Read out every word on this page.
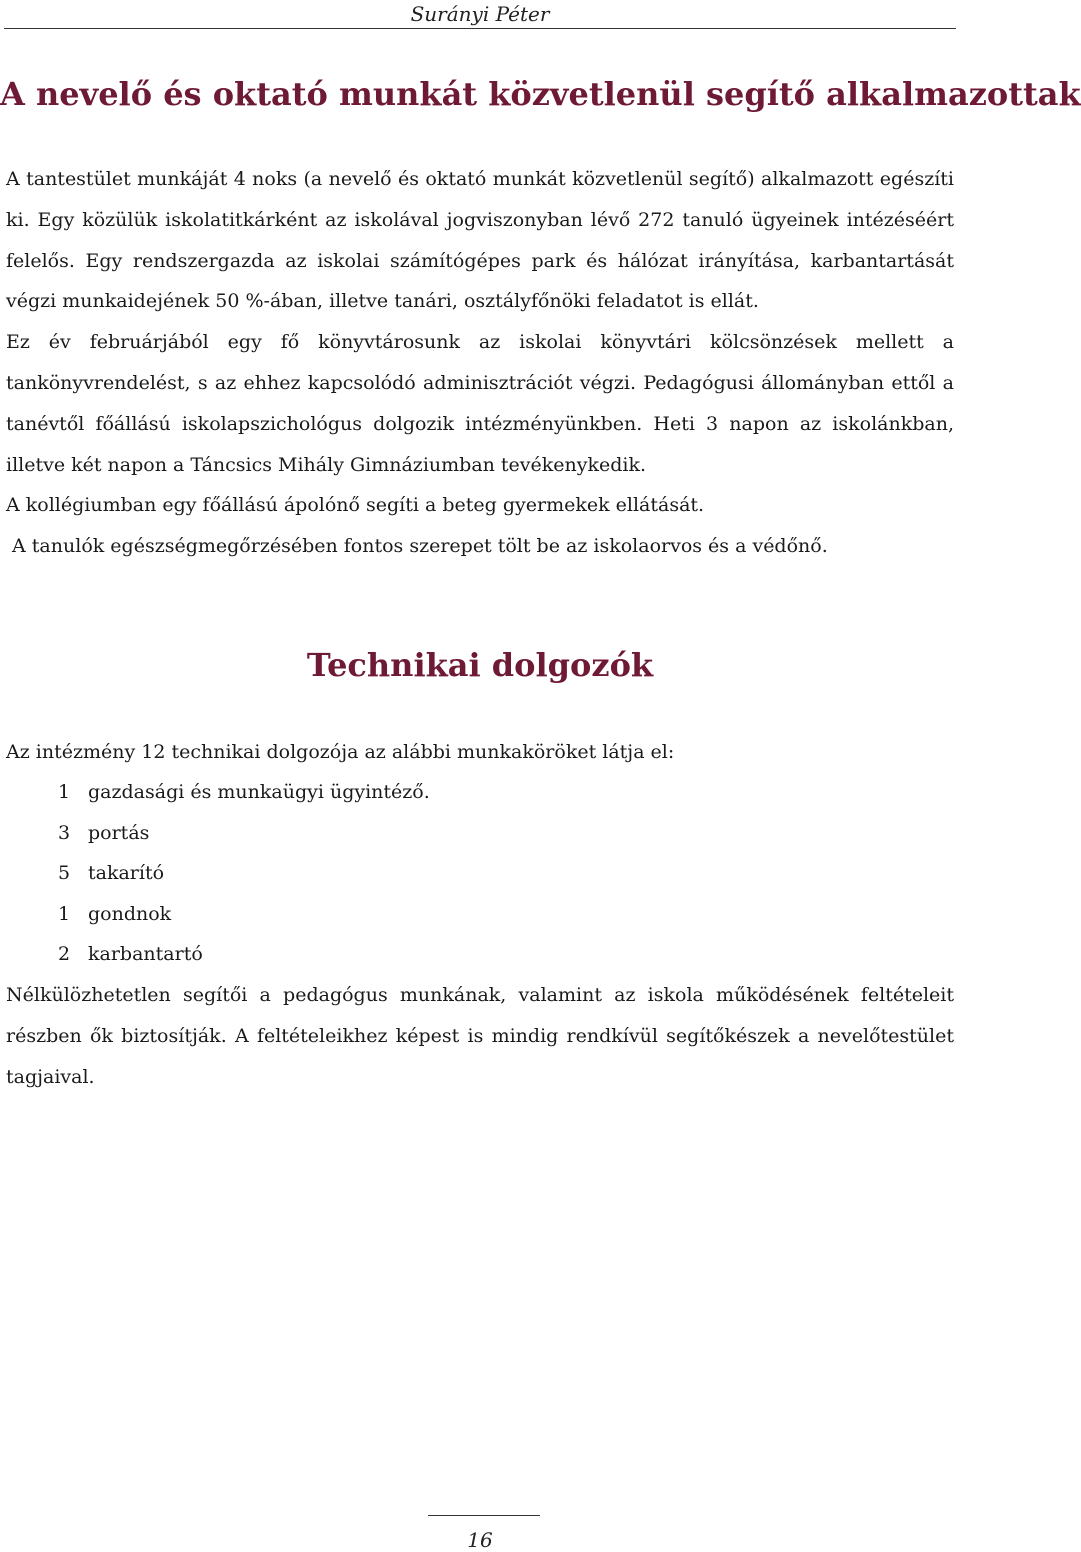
Surányi Péter
A nevelő és oktató munkát közvetlenül segítő alkalmazottak

A tantestület munkáját 4 noks (a nevelő és oktató munkát közvetlenül segítő) alkalmazott egészíti ki. Egy közülük iskolatitkárként az iskolával jogviszonyban lévő 272 tanuló ügyeinek intézéséért felelős. Egy rendszergazda az iskolai számítógépes park és hálózat irányítása, karbantartását végzi munkaidejének 50 %-ában, illetve tanári, osztályfőnöki feladatot is ellát.

Ez év februárjából egy fő könyvtárosunk az iskolai könyvtári kölcsönzések mellett a tankönyvrendelést, s az ehhez kapcsolódó adminisztrációt végzi. Pedagógusi állományban ettől a tanévtől főállású iskolapszichológus dolgozik intézményünkben. Heti 3 napon az iskolánkban, illetve két napon a Táncsics Mihály Gimnáziumban tevékenykedik.

A kollégiumban egy főállású ápolónő segíti a beteg gyermekek ellátását.

A tanulók egészségmegőrzésében fontos szerepet tölt be az iskolaorvos és a védőnő.

Technikai dolgozók

Az intézmény 12 technikai dolgozója az alábbi munkaköröket látja el:

1 gazdasági és munkaügyi ügyintéző.
3 portás
5 takarító
1 gondnok
2 karbantartó

Nélkülözhetetlen segítői a pedagógus munkának, valamint az iskola működésének feltételeit részben ők biztosítják. A feltételeikhez képest is mindig rendkívül segítőkészek a nevelőtestület tagjaival.

16
